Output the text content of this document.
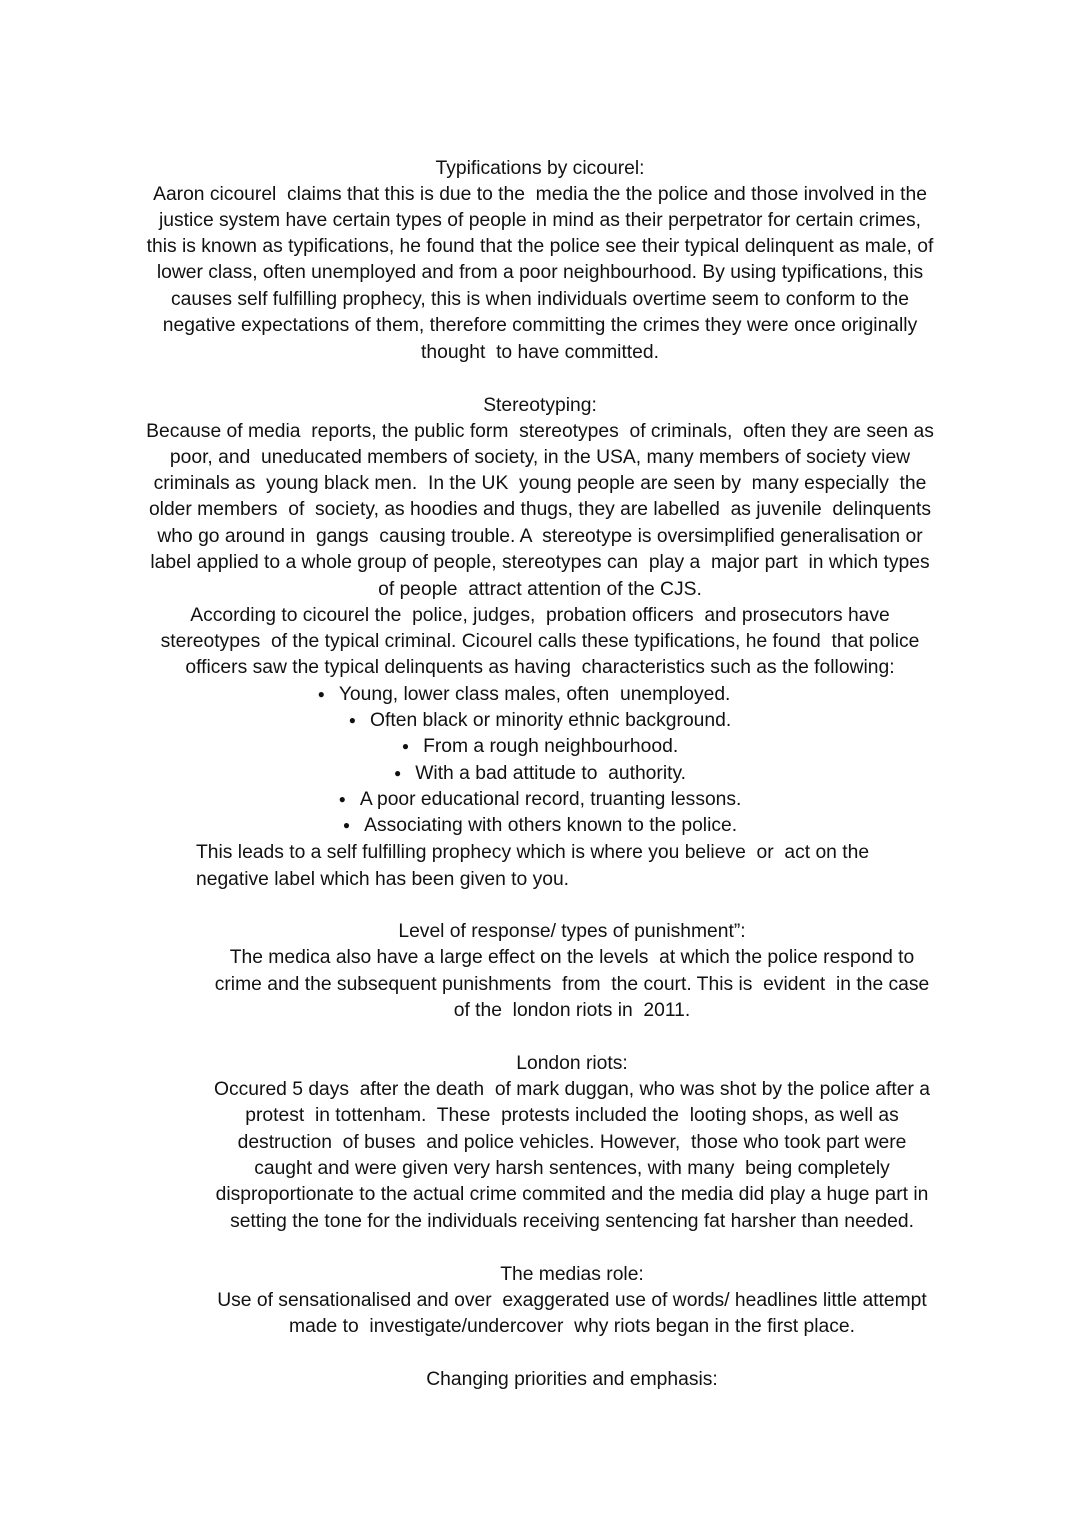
Typifications by cicourel:
Aaron cicourel  claims that this is due to the  media the the police and those involved in the
justice system have certain types of people in mind as their perpetrator for certain crimes,
this is known as typifications, he found that the police see their typical delinquent as male, of
lower class, often unemployed and from a poor neighbourhood. By using typifications, this
causes self fulfilling prophecy, this is when individuals overtime seem to conform to the
negative expectations of them, therefore committing the crimes they were once originally
thought  to have committed.
Stereotyping:
Because of media  reports, the public form  stereotypes  of criminals,  often they are seen as
poor, and  uneducated members of society, in the USA, many members of society view
criminals as  young black men.  In the UK  young people are seen by  many especially  the
older members  of  society, as hoodies and thugs, they are labelled  as juvenile  delinquents
who go around in  gangs  causing trouble. A  stereotype is oversimplified generalisation or
label applied to a whole group of people, stereotypes can  play a  major part  in which types
of people  attract attention of the CJS.
According to cicourel the  police, judges,  probation officers  and prosecutors have
stereotypes  of the typical criminal. Cicourel calls these typifications, he found  that police
officers saw the typical delinquents as having  characteristics such as the following:
● Young, lower class males, often  unemployed.
● Often black or minority ethnic background.
● From a rough neighbourhood.
● With a bad attitude to  authority.
● A poor educational record, truanting lessons.
● Associating with others known to the police.
This leads to a self fulfilling prophecy which is where you believe  or  act on the
negative label which has been given to you.
Level of response/ types of punishment”:
The medica also have a large effect on the levels  at which the police respond to
crime and the subsequent punishments  from  the court. This is  evident  in the case
of the  london riots in  2011.
London riots:
Occured 5 days  after the death  of mark duggan, who was shot by the police after a
protest  in tottenham.  These  protests included the  looting shops, as well as
destruction  of buses  and police vehicles. However,  those who took part were
caught and were given very harsh sentences, with many  being completely
disproportionate to the actual crime commited and the media did play a huge part in
setting the tone for the individuals receiving sentencing fat harsher than needed.
The medias role:
Use of sensationalised and over  exaggerated use of words/ headlines little attempt
made to  investigate/undercover  why riots began in the first place.
Changing priorities and emphasis:
